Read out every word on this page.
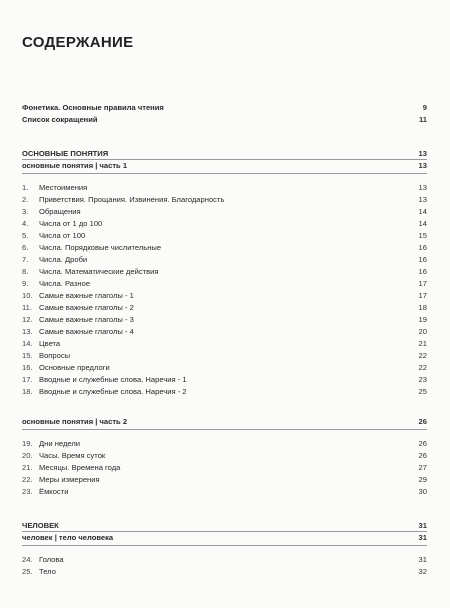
СОДЕРЖАНИЕ
Фонетика. Основные правила чтения	9
Список сокращений	11
ОСНОВНЫЕ ПОНЯТИЯ	13
основные понятия | часть 1	13
1.	Местоимения	13
2.	Приветствия. Прощания. Извинения. Благодарность	13
3.	Обращения	14
4.	Числа от 1 до 100	14
5.	Числа от 100	15
6.	Числа. Порядковые числительные	16
7.	Числа. Дроби	16
8.	Числа. Математические действия	16
9.	Числа. Разное	17
10. Самые важные глаголы - 1	17
11. Самые важные глаголы - 2	18
12. Самые важные глаголы - 3	19
13. Самые важные глаголы - 4	20
14. Цвета	21
15. Вопросы	22
16. Основные предлоги	22
17. Вводные и служебные слова. Наречия - 1	23
18. Вводные и служебные слова. Наречия - 2	25
основные понятия | часть 2	26
19. Дни недели	26
20. Часы. Время суток	26
21. Месяцы. Времена года	27
22. Меры измерения	29
23. Ёмкости	30
ЧЕЛОВЕК	31
человек | тело человека	31
24. Голова	31
25. Тело	32
